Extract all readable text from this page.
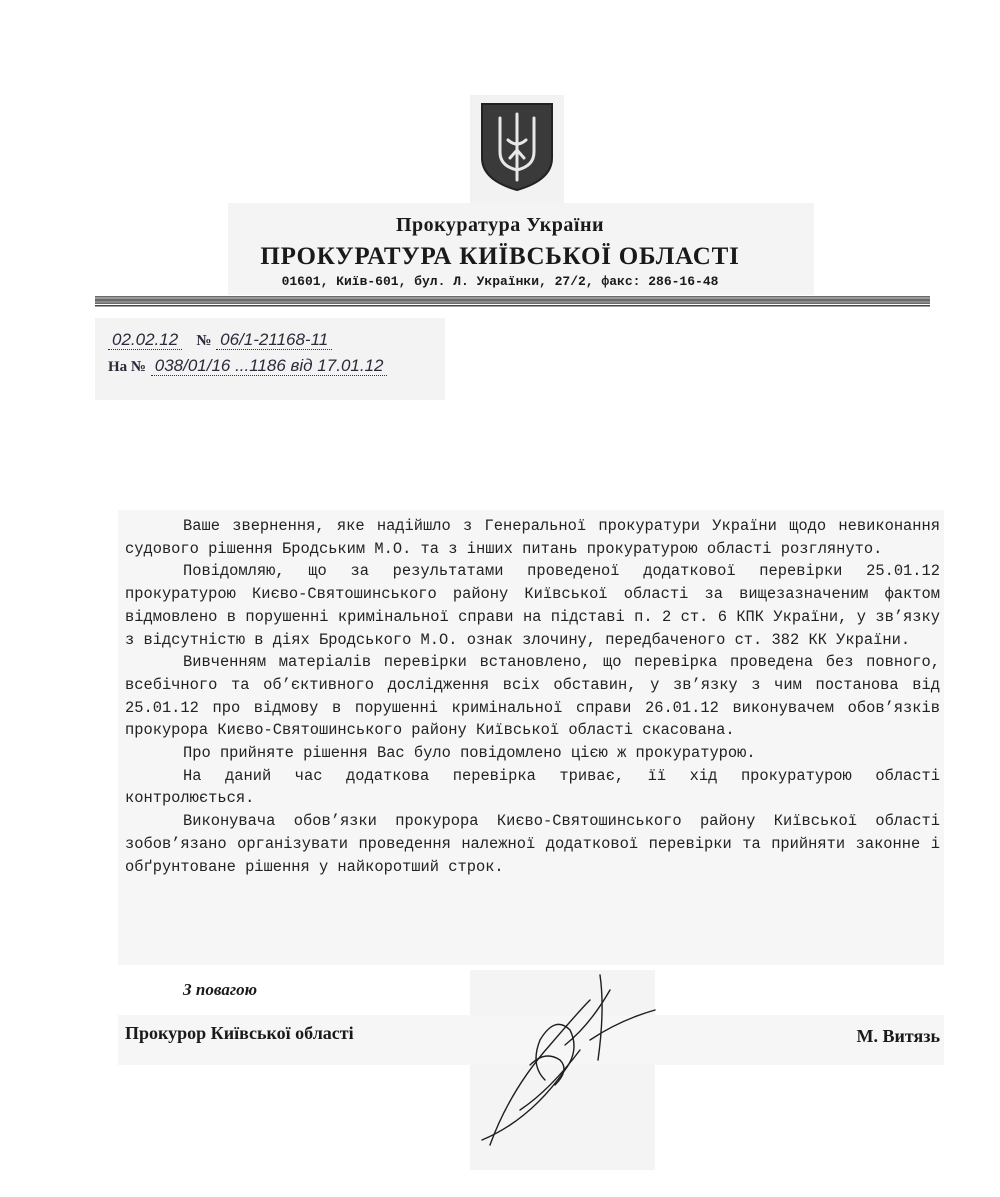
Прокуратура України
ПРОКУРАТУРА КИЇВСЬКОЇ ОБЛАСТІ
01601, Київ-601, бул. Л. Українки, 27/2, факс: 286-16-48
02.02.12 № 06/1-21168-11
На № 038/01/16 ...1186 від 17.01.12

Ваше звернення, яке надійшло з Генеральної прокуратури України щодо невиконання судового рішення Бродським М.О. та з інших питань прокуратурою області розглянуто.

Повідомляю, що за результатами проведеної додаткової перевірки 25.01.12 прокуратурою Києво-Святошинського району Київської області за вищезазначеним фактом відмовлено в порушенні кримінальної справи на підставі п. 2 ст. 6 КПК України, у зв’язку з відсутністю в діях Бродського М.О. ознак злочину, передбаченого ст. 382 КК України.

Вивченням матеріалів перевірки встановлено, що перевірка проведена без повного, всебічного та об’єктивного дослідження всіх обставин, у зв’язку з чим постанова від 25.01.12 про відмову в порушенні кримінальної справи 26.01.12 виконувачем обов’язків прокурора Києво-Святошинського району Київської області скасована.

Про прийняте рішення Вас було повідомлено цією ж прокуратурою.

На даний час додаткова перевірка триває, її хід прокуратурою області контролюється.

Виконувача обов’язки прокурора Києво-Святошинського району Київської області зобов’язано організувати проведення належної додаткової перевірки та прийняти законне і обґрунтоване рішення у найкоротший строк.

З повагою
Прокурор Київської області	М. Витязь
